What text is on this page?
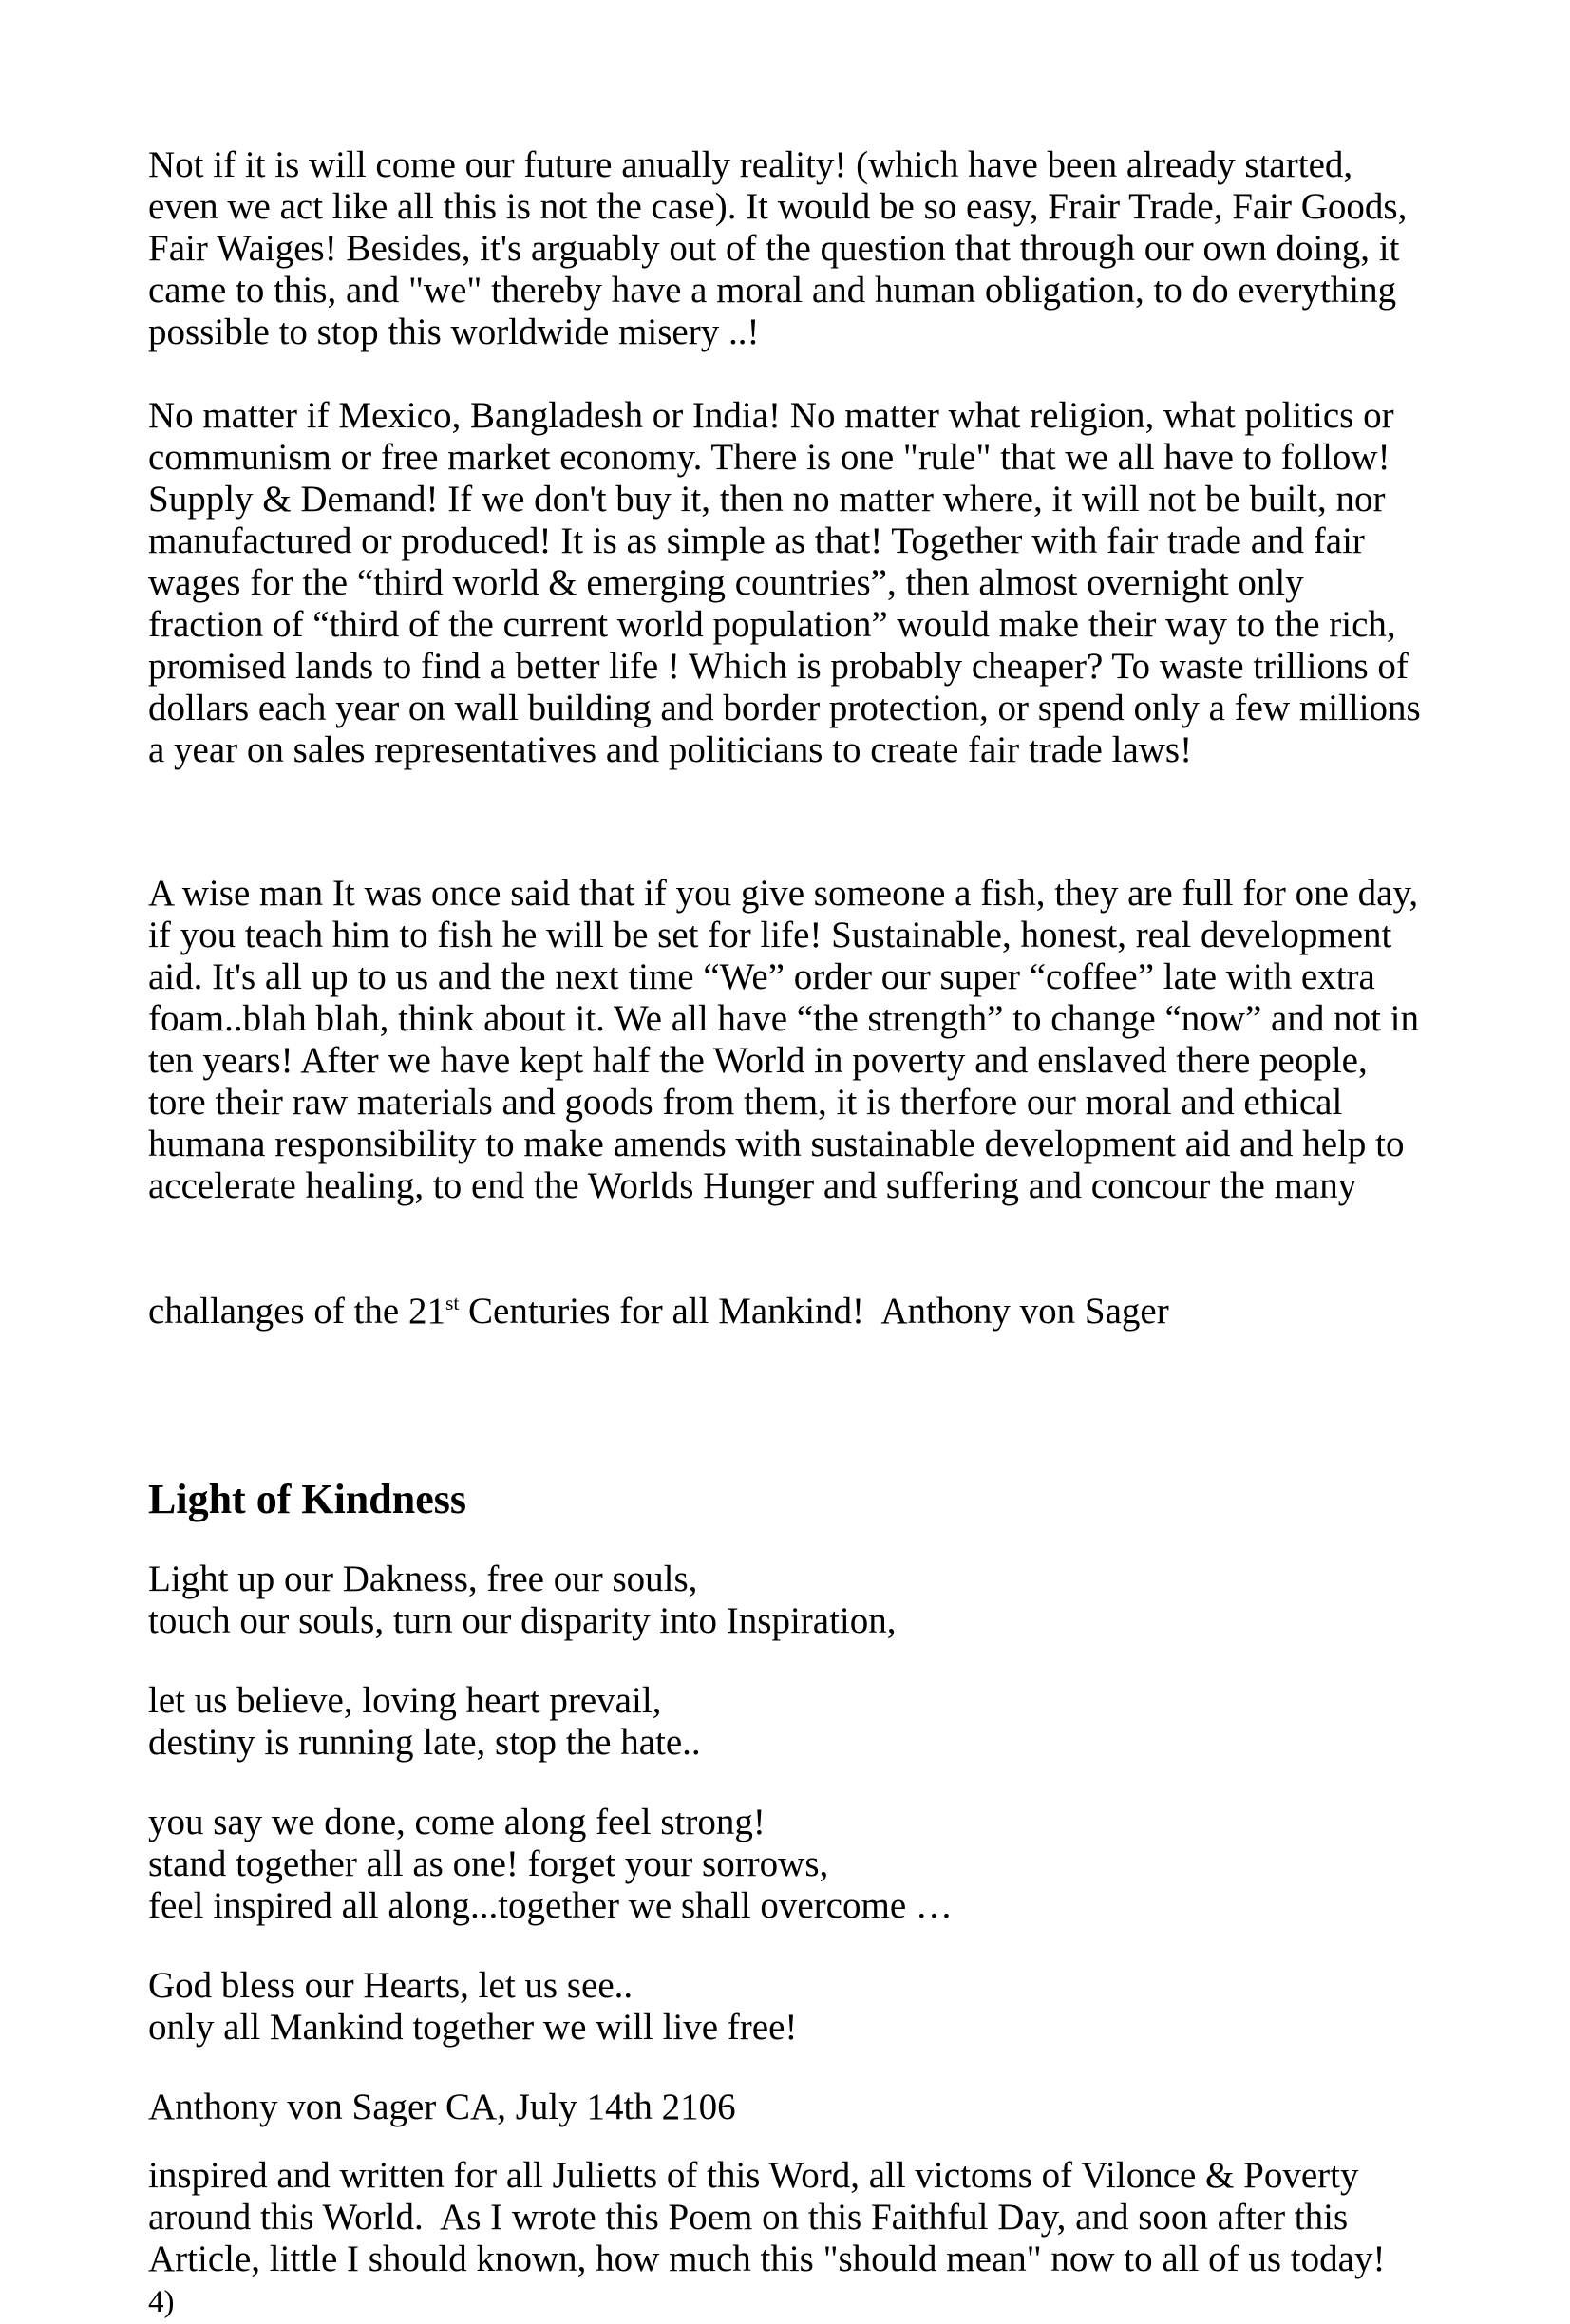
Not if it is will come our future anually reality! (which have been already started,
even we act like all this is not the case). It would be so easy, Frair Trade, Fair Goods,
Fair Waiges! Besides, it's arguably out of the question that through our own doing, it
came to this, and "we" thereby have a moral and human obligation, to do everything
possible to stop this worldwide misery ..!

No matter if Mexico, Bangladesh or India! No matter what religion, what politics or
communism or free market economy. There is one "rule" that we all have to follow!
Supply & Demand! If we don't buy it, then no matter where, it will not be built, nor
manufactured or produced! It is as simple as that! Together with fair trade and fair
wages for the “third world & emerging countries”, then almost overnight only
fraction of “third of the current world population” would make their way to the rich,
promised lands to find a better life ! Which is probably cheaper? To waste trillions of
dollars each year on wall building and border protection, or spend only a few millions
a year on sales representatives and politicians to create fair trade laws!

A wise man It was once said that if you give someone a fish, they are full for one day,
if you teach him to fish he will be set for life! Sustainable, honest, real development
aid. It's all up to us and the next time “We” order our super “coffee” late with extra
foam..blah blah, think about it. We all have “the strength” to change “now” and not in
ten years! After we have kept half the World in poverty and enslaved there people,
tore their raw materials and goods from them, it is therfore our moral and ethical
humana responsibility to make amends with sustainable development aid and help to
accelerate healing, to end the Worlds Hunger and suffering and concour the many

challanges of the 21st Centuries for all Mankind!  Anthony von Sager

Light of Kindness

Light up our Dakness, free our souls,
touch our souls, turn our disparity into Inspiration,

let us believe, loving heart prevail,
destiny is running late, stop the hate..

you say we done, come along feel strong!
stand together all as one! forget your sorrows,
feel inspired all along...together we shall overcome …

God bless our Hearts, let us see..
only all Mankind together we will live free!

Anthony von Sager CA, July 14th 2106

inspired and written for all Julietts of this Word, all victoms of Vilonce & Poverty
around this World.  As I wrote this Poem on this Faithful Day, and soon after this
Article, little I should known, how much this "should mean" now to all of us today!

4)
